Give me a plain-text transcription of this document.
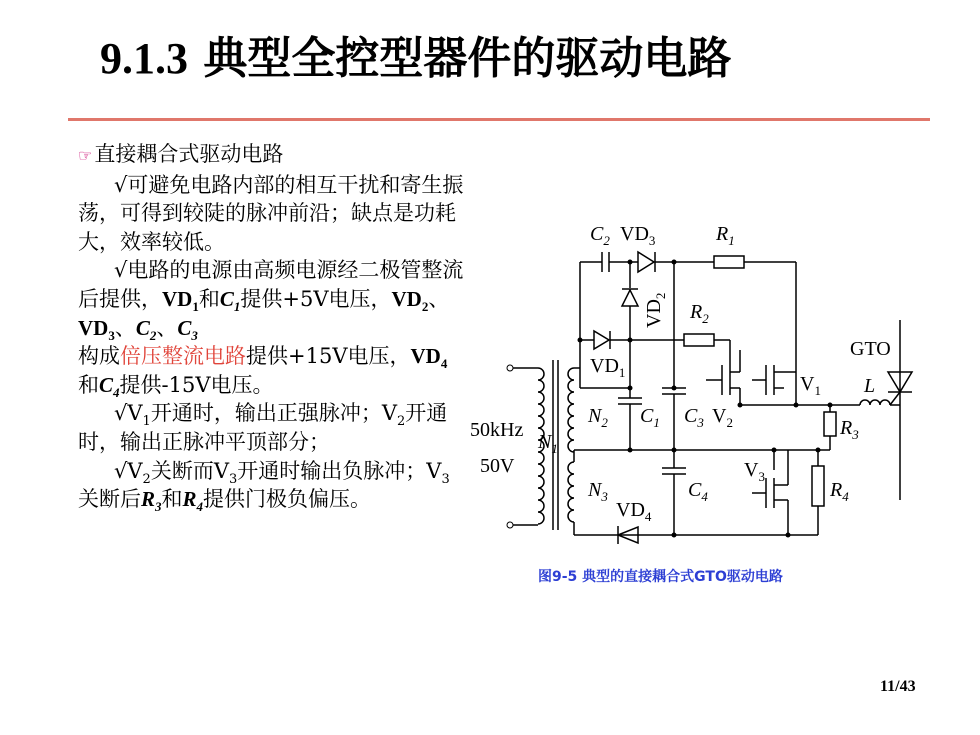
9.1.3 典型全控型器件的驱动电路

☞直接耦合式驱动电路

√可避免电路内部的相互干扰和寄生振荡，可得到较陡的脉冲前沿；缺点是功耗大，效率较低。

√电路的电源由高频电源经二极管整流后提供，$VD_1$和$C_1$提供+5V电压，$VD_2$、$VD_3$、$C_2$、$C_3$
构成倍压整流电路提供+15V电压，$VD_4$和$C_4$提供-15V电压。

$√V_1$开通时，输出正强脉冲；$V_2$开通时，输出正脉冲平顶部分；

$√V_2$关断而$V_3$开通时输出负脉冲；$V_3$关断后$R_3$和$R_4$提供门极负偏压。

$C_2$ $VD_3$	$R_1$
$VD_2$
$R_2$
GTO
$VD_1$
$V_1$ L
$N_2$ $C_1$ $C_3$ $V_2$	$R_3$
50kHz
$N_1$
50V	$V_3$
$N_3$	$C_4$	$R_4$
$VD_4$
图9-5 典型的直接耦合式GTO驱动电路
11/43
